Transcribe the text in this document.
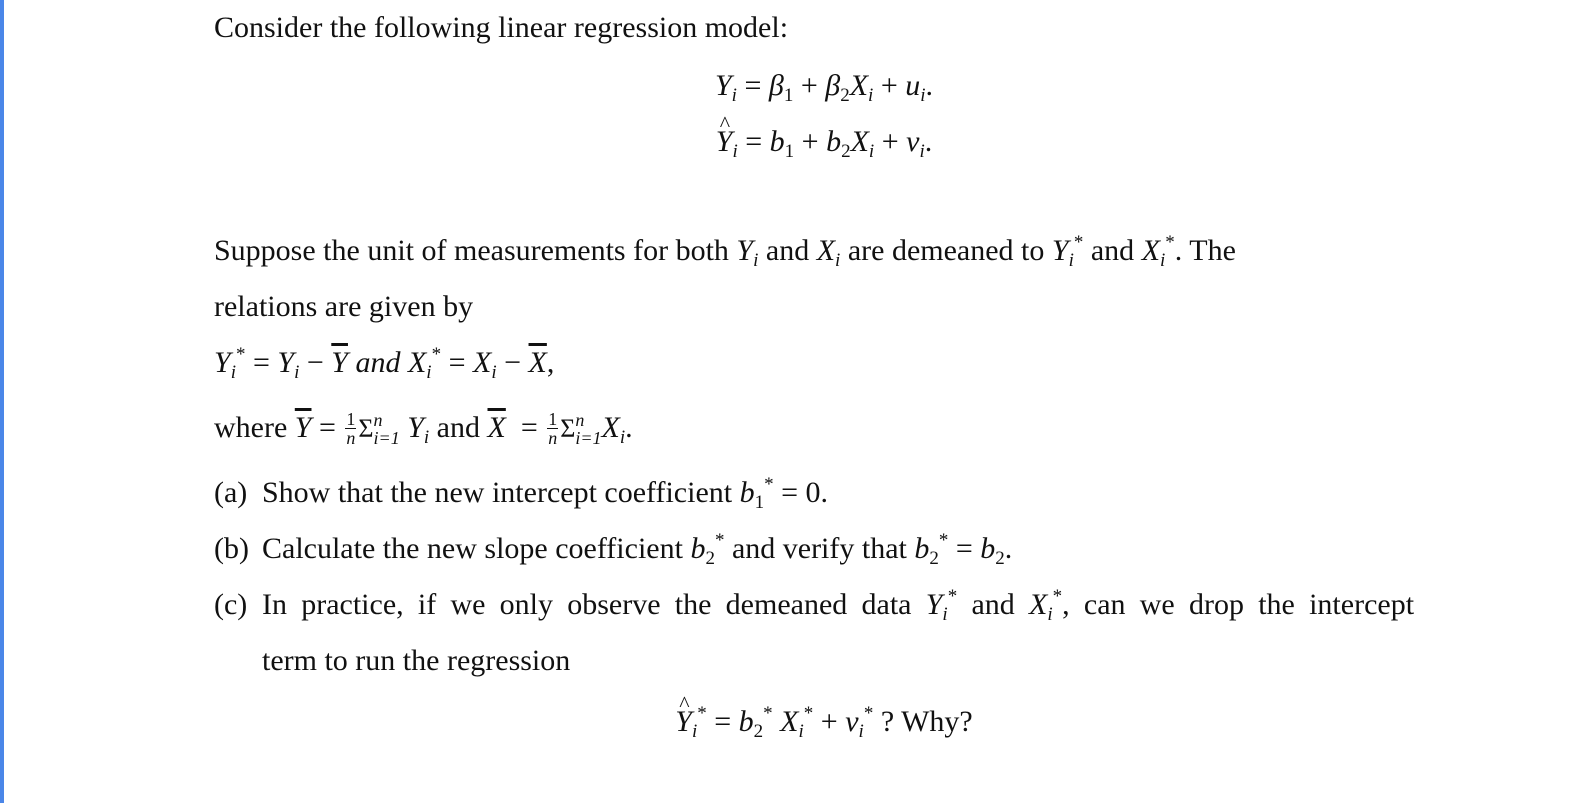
Consider the following linear regression model:
$Y_i = \beta_1 + \beta_2X_i + u_i$.
^ $Y_i = b_1 + b_2X_i + v_i$.
Suppose the unit of measurements for both $Y_i$ and $X_i$ are demeaned to $Y_i^*$ and $X_i^*$. The
relations are given by
$Y_i^* = Y_i - \overline{Y}$ and $X_i^* = X_i - \overline{X}$,
where $\overline{Y} = \frac{1}{n}$ Σ n
i=1 $Y_i$ and $\overline{X} = \frac{1}{n}$ Σ n
i=1 $X_i$.
(a) Show that the new intercept coefficient $b_1^* = 0$.
(b) Calculate the new slope coefficient $b_2^*$ and verify that $b_2^* = b_2$.
(c) In practice, if we only observe the demeaned data $Y_i^*$ and $X_i^*$, can we drop the intercept
term to run the regression
^ $Y_i^* = b_2^*$ $X_i^* + v_i^*$ ? Why?
